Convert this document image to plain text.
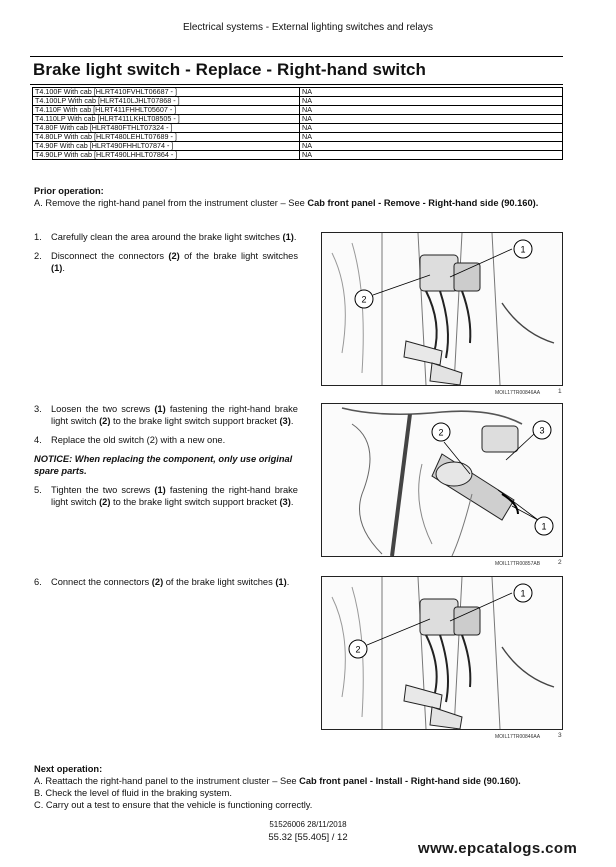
Electrical systems - External lighting switches and relays
Brake light switch - Replace - Right-hand switch
T4.100F With cab [HLRT410FVHLT06687 - ]	NA
T4.100LP With cab [HLRT410LJHLT07868 - ]	NA
T4.110F With cab [HLRT411FHHLT05607 - ]	NA
T4.110LP With cab [HLRT411LKHLT08505 - ]	NA
T4.80F With cab [HLRT480FTHLT07324 - ]	NA
T4.80LP With cab [HLRT480LEHLT07689 - ]	NA
T4.90F With cab [HLRT490FHHLT07874 - ]	NA
T4.90LP With cab [HLRT490LHHLT07864 - ]	NA
Prior operation:
A. Remove the right-hand panel from the instrument cluster – See Cab front panel - Remove - Right-hand side (90.160).
1. Carefully clean the area around the brake light switches (1).
2. Disconnect the connectors (2) of the brake light switches (1).
1
2
MOIL17TR00846AA	1
3. Loosen the two screws (1) fastening the right-hand brake light switch (2) to the brake light switch support bracket (3).
4. Replace the old switch (2) with a new one.
NOTICE: When replacing the component, only use original spare parts.
5. Tighten the two screws (1) fastening the right-hand brake light switch (2) to the brake light switch support bracket (3).
2	3
1
MOIL17TR00857AB	2
6. Connect the connectors (2) of the brake light switches (1).
1
2
MOIL17TR00846AA	3
Next operation:
A. Reattach the right-hand panel to the instrument cluster – See Cab front panel - Install - Right-hand side (90.160).
B. Check the level of fluid in the braking system.
C. Carry out a test to ensure that the vehicle is functioning correctly.
51526006 28/11/2018
55.32 [55.405] / 12
www.epcatalogs.com
